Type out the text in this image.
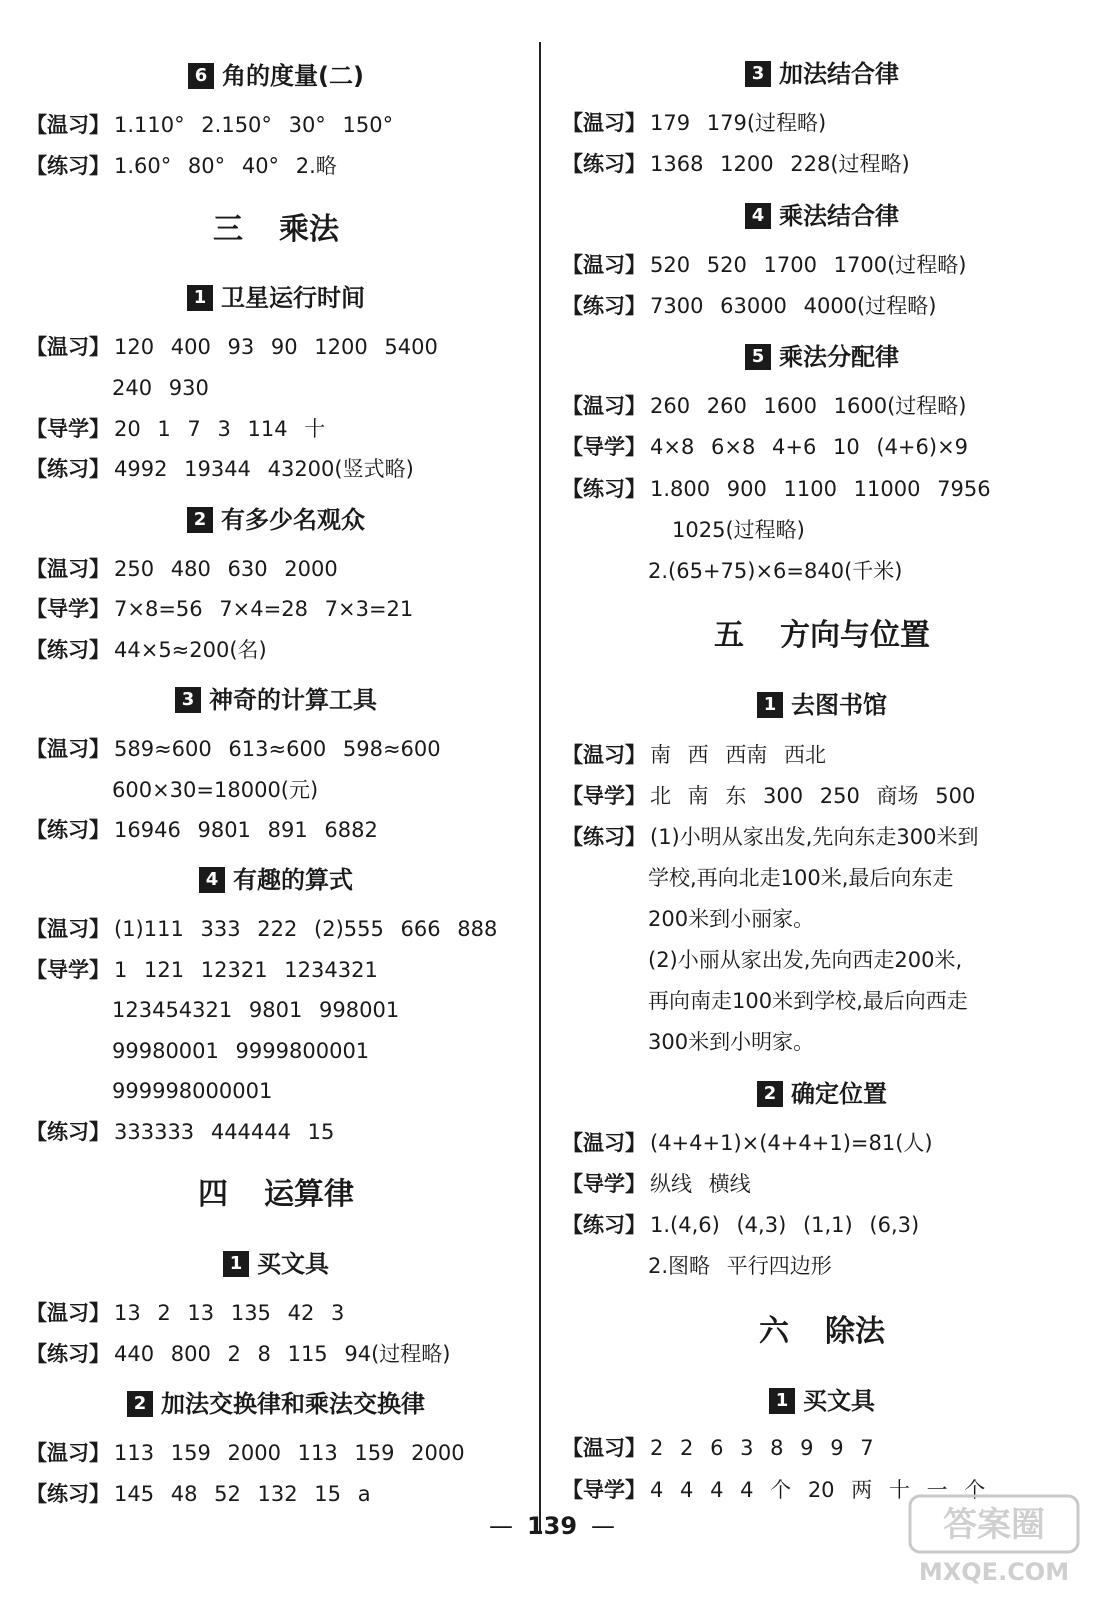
6 角的度量(二)
【温习】 1.110° 2.150° 30° 150°
【练习】 1.60° 80° 40° 2.略
三 乘法
1 卫星运行时间
【温习】 120 400 93 90 1200 5400
240 930
【导学】 20 1 7 3 114 十
【练习】 4992 19344 43200(竖式略)
2 有多少名观众
【温习】 250 480 630 2000
【导学】 7×8=56 7×4=28 7×3=21
【练习】 44×5≈200(名)
3 神奇的计算工具
【温习】 589≈600 613≈600 598≈600
600×30=18000(元)
【练习】 16946 9801 891 6882
4 有趣的算式
【温习】 (1)111 333 222 (2)555 666 888
【导学】 1 121 12321 1234321
123454321 9801 998001
99980001 9999800001
999998000001
【练习】 333333 444444 15
四 运算律
1 买文具
【温习】 13 2 13 135 42 3
【练习】 440 800 2 8 115 94(过程略)
2 加法交换律和乘法交换律
【温习】 113 159 2000 113 159 2000
【练习】 145 48 52 132 15 a
3 加法结合律
【温习】 179 179(过程略)
【练习】 1368 1200 228(过程略)
4 乘法结合律
【温习】 520 520 1700 1700(过程略)
【练习】 7300 63000 4000(过程略)
5 乘法分配律
【温习】 260 260 1600 1600(过程略)
【导学】 4×8 6×8 4+6 10 (4+6)×9
【练习】 1.800 900 1100 11000 7956
1025(过程略)
2.(65+75)×6=840(千米)
五 方向与位置
1 去图书馆
【温习】 南 西 西南 西北
【导学】 北 南 东 300 250 商场 500
【练习】 (1)小明从家出发,先向东走300米到
学校,再向北走100米,最后向东走
200米到小丽家。
(2)小丽从家出发,先向西走200米,
再向南走100米到学校,最后向西走
300米到小明家。
2 确定位置
【温习】 (4+4+1)×(4+4+1)=81(人)
【导学】 纵线 横线
【练习】 1.(4,6) (4,3) (1,1) (6,3)
2.图略 平行四边形
六 除法
1 买文具
【温习】 2 2 6 3 8 9 9 7
【导学】 4 4 4 4 个 20 两 十 一 个
— 139 —	答案圈
MXQE.COM
